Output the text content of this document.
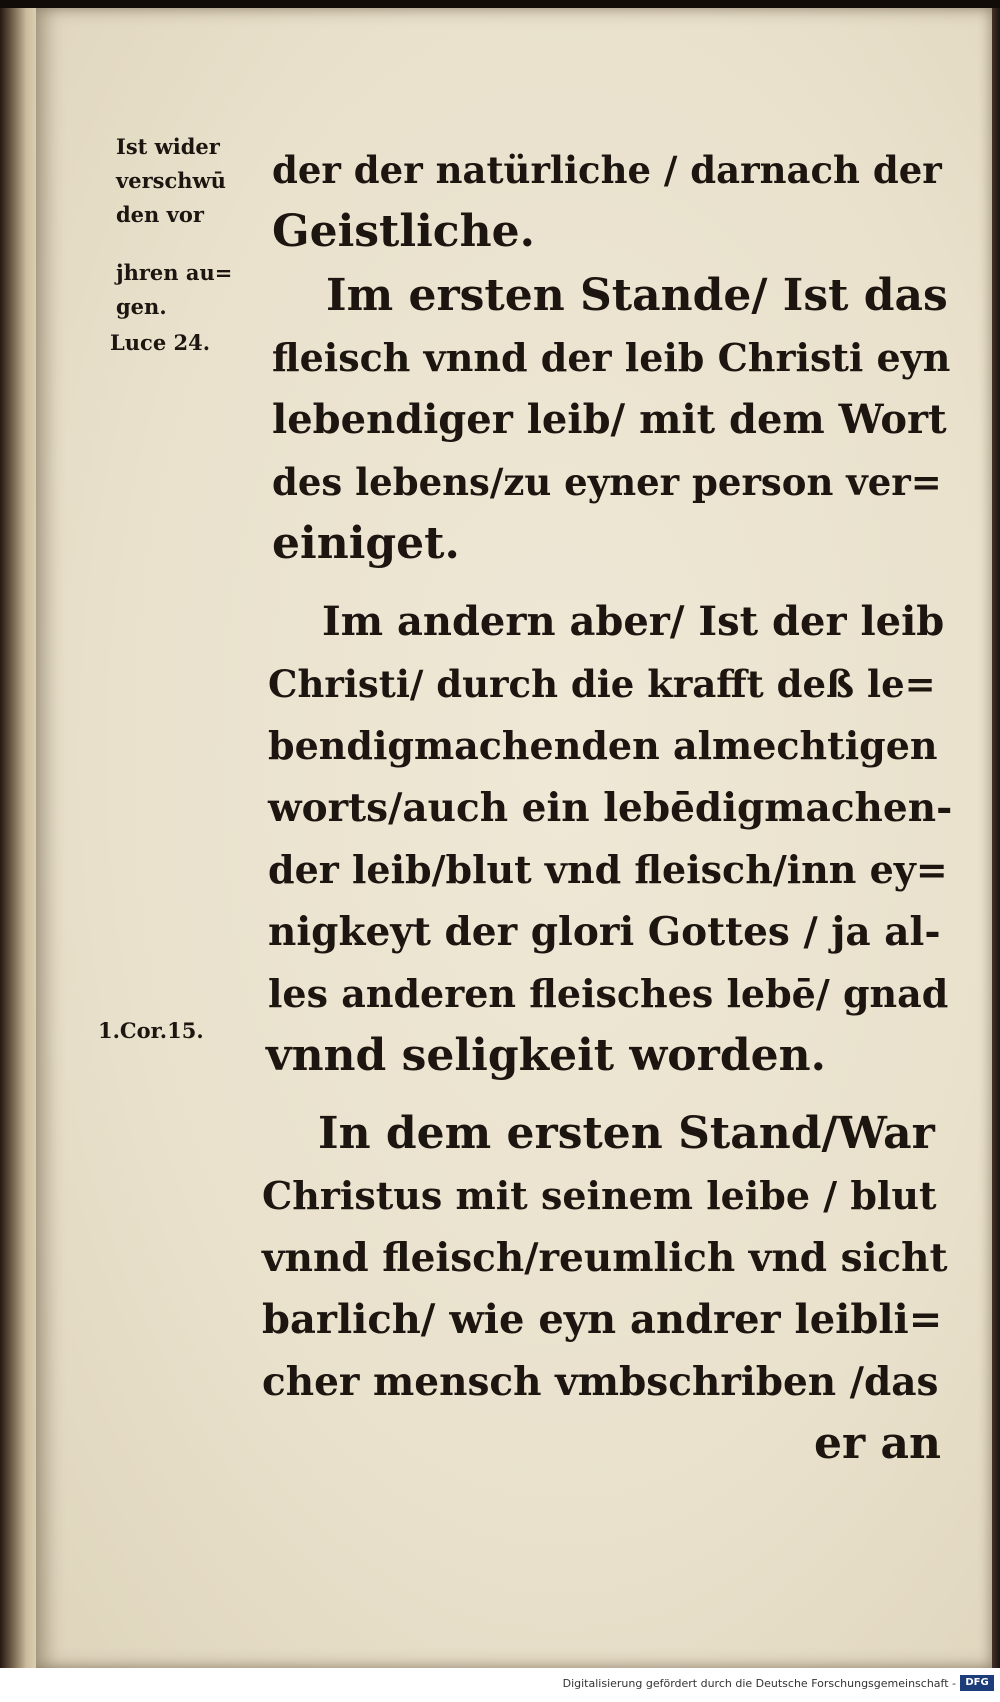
Ist wider
verschwū
den vor
jhren au=
gen.
Luce 24.
1.Cor.15.
der der natürliche / darnach der
Geistliche.
Im ersten Stande/ Ist das
fleisch vnnd der leib Christi eyn
lebendiger leib/ mit dem Wort
des lebens/zu eyner person ver=
einiget.
Im andern aber/ Ist der leib
Christi/ durch die krafft deß le=
bendigmachenden almechtigen
worts/auch ein lebēdigmachen-
der leib/blut vnd fleisch/inn ey=
nigkeyt der glori Gottes / ja al-
les anderen fleisches lebē/ gnad
vnnd seligkeit worden.
In dem ersten Stand/War
Christus mit seinem leibe / blut
vnnd fleisch/reumlich vnd sicht
barlich/ wie eyn andrer leibli=
cher mensch vmbschriben /das
er an
Digitalisierung gefördert durch die Deutsche Forschungsgemeinschaft - DFG
